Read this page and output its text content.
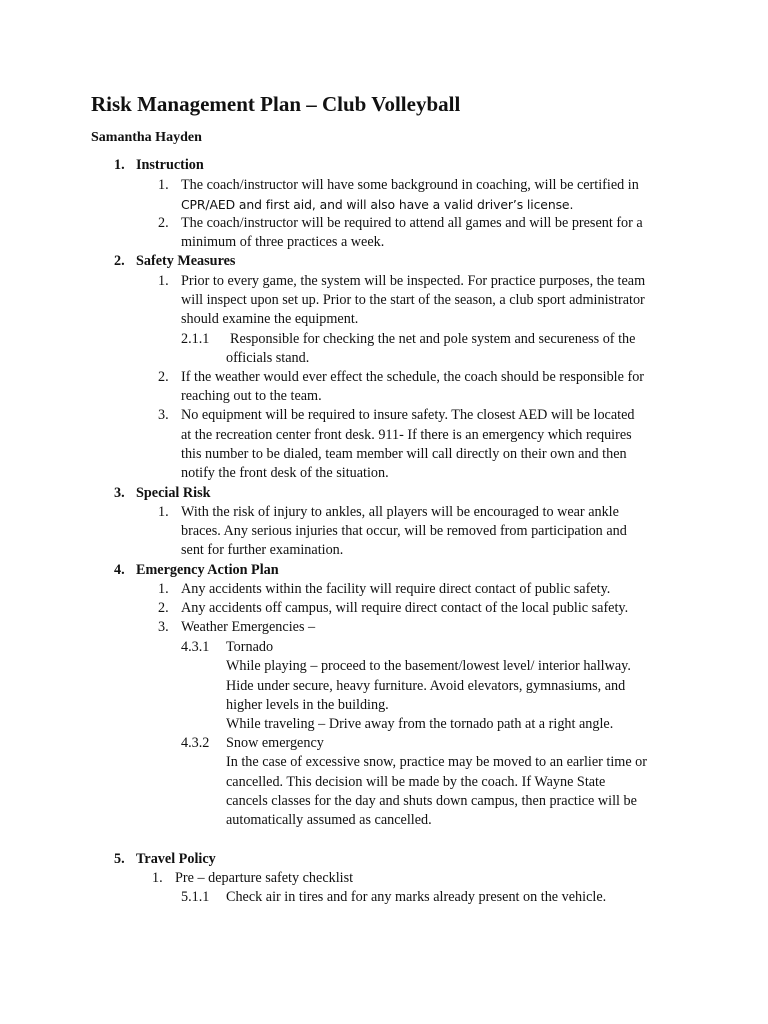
Risk Management Plan – Club Volleyball
Samantha Hayden
1. Instruction
1. The coach/instructor will have some background in coaching, will be certified in
CPR/AED and first aid, and will also have a valid driver’s license.
2. The coach/instructor will be required to attend all games and will be present for a
minimum of three practices a week.
2. Safety Measures
1. Prior to every game, the system will be inspected. For practice purposes, the team
will inspect upon set up. Prior to the start of the season, a club sport administrator
should examine the equipment.
2.1.1 Responsible for checking the net and pole system and secureness of the
officials stand.
2. If the weather would ever effect the schedule, the coach should be responsible for
reaching out to the team.
3. No equipment will be required to insure safety. The closest AED will be located
at the recreation center front desk. 911- If there is an emergency which requires
this number to be dialed, team member will call directly on their own and then
notify the front desk of the situation.
3. Special Risk
1. With the risk of injury to ankles, all players will be encouraged to wear ankle
braces. Any serious injuries that occur, will be removed from participation and
sent for further examination.
4. Emergency Action Plan
1. Any accidents within the facility will require direct contact of public safety.
2. Any accidents off campus, will require direct contact of the local public safety.
3. Weather Emergencies –
4.3.1 Tornado
While playing – proceed to the basement/lowest level/ interior hallway.
Hide under secure, heavy furniture. Avoid elevators, gymnasiums, and
higher levels in the building.
While traveling – Drive away from the tornado path at a right angle.
4.3.2 Snow emergency
In the case of excessive snow, practice may be moved to an earlier time or
cancelled. This decision will be made by the coach. If Wayne State
cancels classes for the day and shuts down campus, then practice will be
automatically assumed as cancelled.
5. Travel Policy
1. Pre – departure safety checklist
5.1.1 Check air in tires and for any marks already present on the vehicle.
